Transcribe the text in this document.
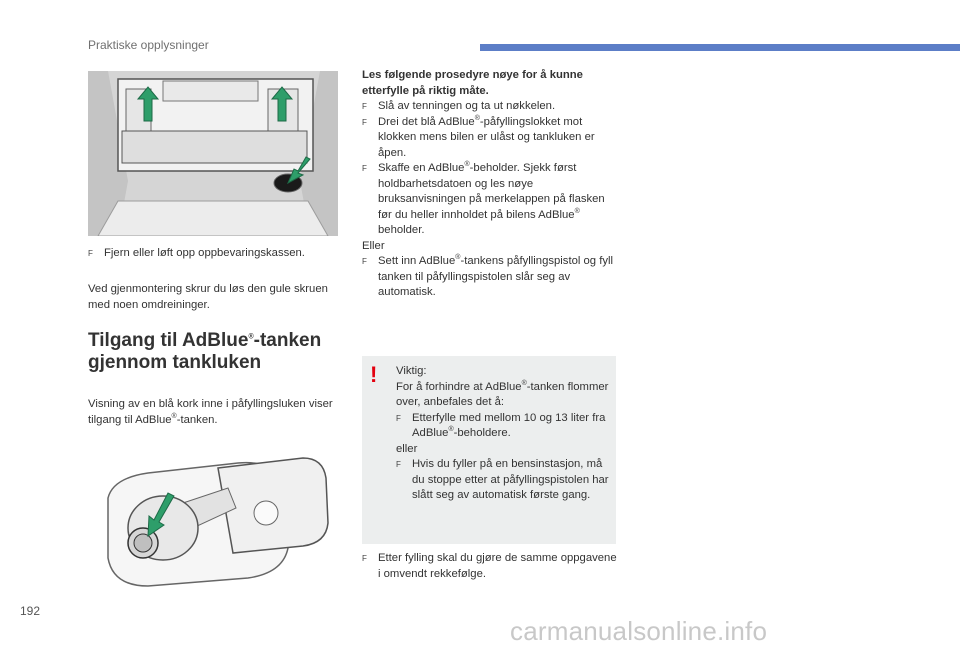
Praktiske opplysninger
F Fjern eller løft opp oppbevaringskassen.
Ved gjenmontering skrur du løs den gule skruen med noen omdreininger.
Tilgang til AdBlue®-tanken
gjennom tankluken
Visning av en blå kork inne i påfyllingsluken viser tilgang til AdBlue®-tanken.
Les følgende prosedyre nøye for å kunne etterfylle på riktig måte.
F Slå av tenningen og ta ut nøkkelen.
F Drei det blå AdBlue®-påfyllingslokket mot klokken mens bilen er ulåst og tankluken er åpen.
F Skaffe en AdBlue®-beholder. Sjekk først holdbarhetsdatoen og les nøye bruksanvisningen på merkelappen på flasken før du heller innholdet på bilens AdBlue® beholder.
Eller
F Sett inn AdBlue®-tankens påfyllingspistol og fyll tanken til påfyllingspistolen slår seg av automatisk.
!	Viktig:
For å forhindre at AdBlue®-tanken flommer over, anbefales det å:
F Etterfylle med mellom 10 og 13 liter fra AdBlue®-beholdere.
eller
F Hvis du fyller på en bensinstasjon, må du stoppe etter at påfyllingspistolen har slått seg av automatisk første gang.
F Etter fylling skal du gjøre de samme oppgavene i omvendt rekkefølge.
192
carmanualsonline.info
